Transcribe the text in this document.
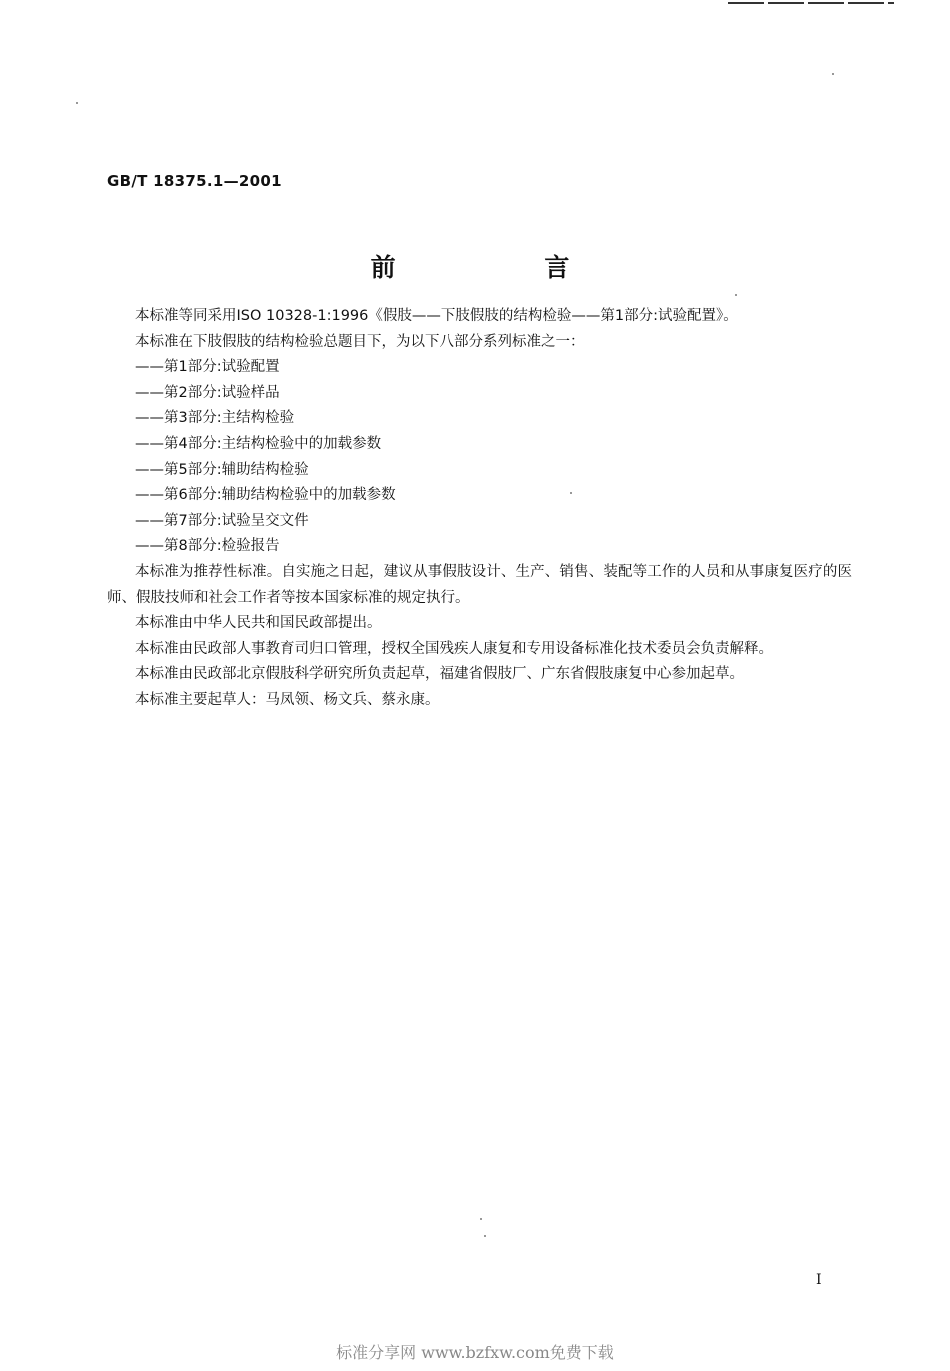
GB/T 18375.1—2001
前 言

本标准等同采用ISO 10328-1:1996《假肢——下肢假肢的结构检验——第1部分:试验配置》。

本标准在下肢假肢的结构检验总题目下，为以下八部分系列标准之一：

——第1部分:试验配置

——第2部分:试验样品

——第3部分:主结构检验

——第4部分:主结构检验中的加载参数

——第5部分:辅助结构检验

——第6部分:辅助结构检验中的加载参数

——第7部分:试验呈交文件

——第8部分:检验报告

本标准为推荐性标准。自实施之日起，建议从事假肢设计、生产、销售、装配等工作的人员和从事康复医疗的医师、假肢技师和社会工作者等按本国家标准的规定执行。

本标准由中华人民共和国民政部提出。

本标准由民政部人事教育司归口管理，授权全国残疾人康复和专用设备标准化技术委员会负责解释。

本标准由民政部北京假肢科学研究所负责起草，福建省假肢厂、广东省假肢康复中心参加起草。

本标准主要起草人：马凤领、杨文兵、蔡永康。

I
标准分享网 www.bzfxw.com免费下载
